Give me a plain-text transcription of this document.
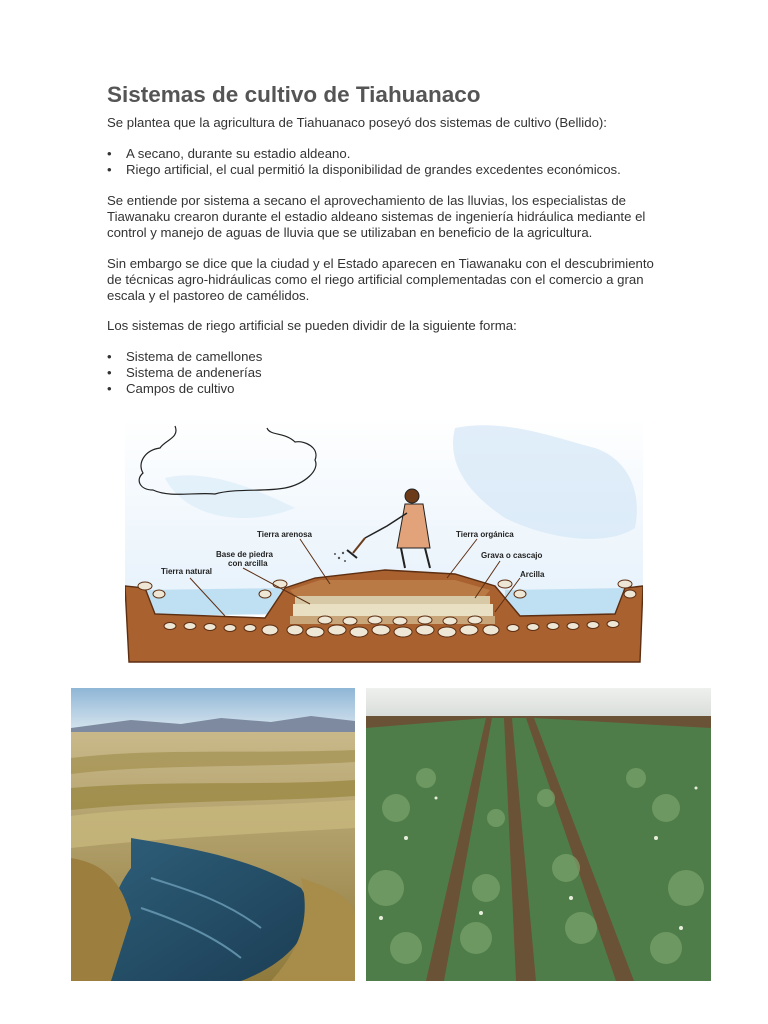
Sistemas de cultivo de Tiahuanaco

Se plantea que la agricultura de Tiahuanaco poseyó dos sistemas de cultivo (Bellido):

• A secano, durante su estadio aldeano.
• Riego artificial, el cual permitió la disponibilidad de grandes excedentes económicos.
Se entiende por sistema a secano el aprovechamiento de las lluvias, los especialistas de
Tiawanaku crearon durante el estadio aldeano sistemas de ingeniería hidráulica mediante el
control y manejo de aguas de lluvia que se utilizaban en beneficio de la agricultura.
Sin embargo se dice que la ciudad y el Estado aparecen en Tiawanaku con el descubrimiento
de técnicas agro-hidráulicas como el riego artificial complementadas con el comercio a gran
escala y el pastoreo de camélidos.

Los sistemas de riego artificial se pueden dividir de la siguiente forma:

• Sistema de camellones
• Sistema de andenerías
• Campos de cultivo
Tierra arenosa
Base de piedra
con arcilla
Tierra natural
Tierra orgánica
Grava o cascajo
Arcilla
